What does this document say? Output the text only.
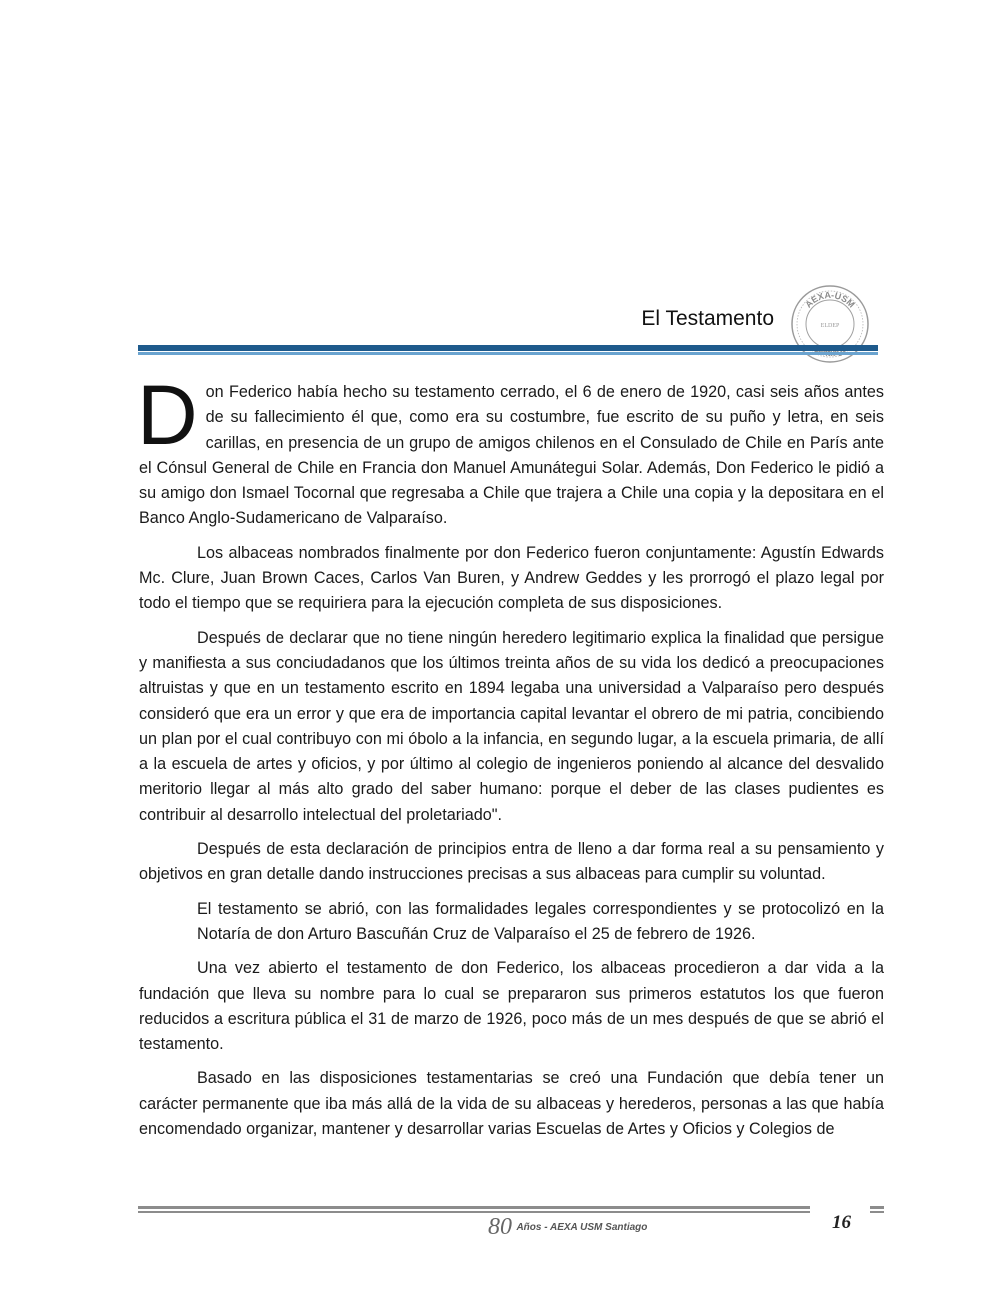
El Testamento
AEXA-USM
ELDEP

Don Federico había hecho su testamento cerrado, el 6 de enero de 1920, casi seis años antes de su fallecimiento él que, como era su costumbre, fue escrito de su puño y letra, en seis carillas, en presencia de un grupo de amigos chilenos en el Consulado de Chile en París ante el Cónsul General de Chile en Francia don Manuel Amunátegui Solar. Además, Don Federico le pidió a su amigo don Ismael Tocornal que regresaba a Chile que trajera a Chile una copia y la depositara en el Banco Anglo-Sudamericano de Valparaíso.

Los albaceas nombrados finalmente por don Federico fueron conjuntamente: Agustín Edwards Mc. Clure, Juan Brown Caces, Carlos Van Buren, y Andrew Geddes y les prorrogó el plazo legal por todo el tiempo que se requiriera para la ejecución completa de sus disposiciones.

Después de declarar que no tiene ningún heredero legitimario explica la finalidad que persigue y manifiesta a sus conciudadanos que los últimos treinta años de su vida los dedicó a preocupaciones altruistas y que en un testamento escrito en 1894 legaba una universidad a Valparaíso pero después consideró que era un error y que era de importancia capital levantar el obrero de mi patria, concibiendo un plan por el cual contribuyo con mi óbolo a la infancia, en segundo lugar, a la escuela primaria, de allí a la escuela de artes y oficios, y por último al colegio de ingenieros poniendo al alcance del desvalido meritorio llegar al más alto grado del saber humano: porque el deber de las clases pudientes es contribuir al desarrollo intelectual del proletariado".

Después de esta declaración de principios entra de lleno a dar forma real a su pensamiento y objetivos en gran detalle dando instrucciones precisas a sus albaceas para cumplir su voluntad.

El testamento se abrió, con las formalidades legales correspondientes y se protocolizó en la Notaría de don Arturo Bascuñán Cruz de Valparaíso el 25 de febrero de 1926.

Una vez abierto el testamento de don Federico, los albaceas procedieron a dar vida a la fundación que lleva su nombre para lo cual se prepararon sus primeros estatutos los que fueron reducidos a escritura pública el 31 de marzo de 1926, poco más de un mes después de que se abrió el testamento.

Basado en las disposiciones testamentarias se creó una Fundación que debía tener un carácter permanente que iba más allá de la vida de su albaceas y herederos, personas a las que había encomendado organizar, mantener y desarrollar varias Escuelas de Artes y Oficios y Colegios de

80 Años - AEXA USM Santiago	16
